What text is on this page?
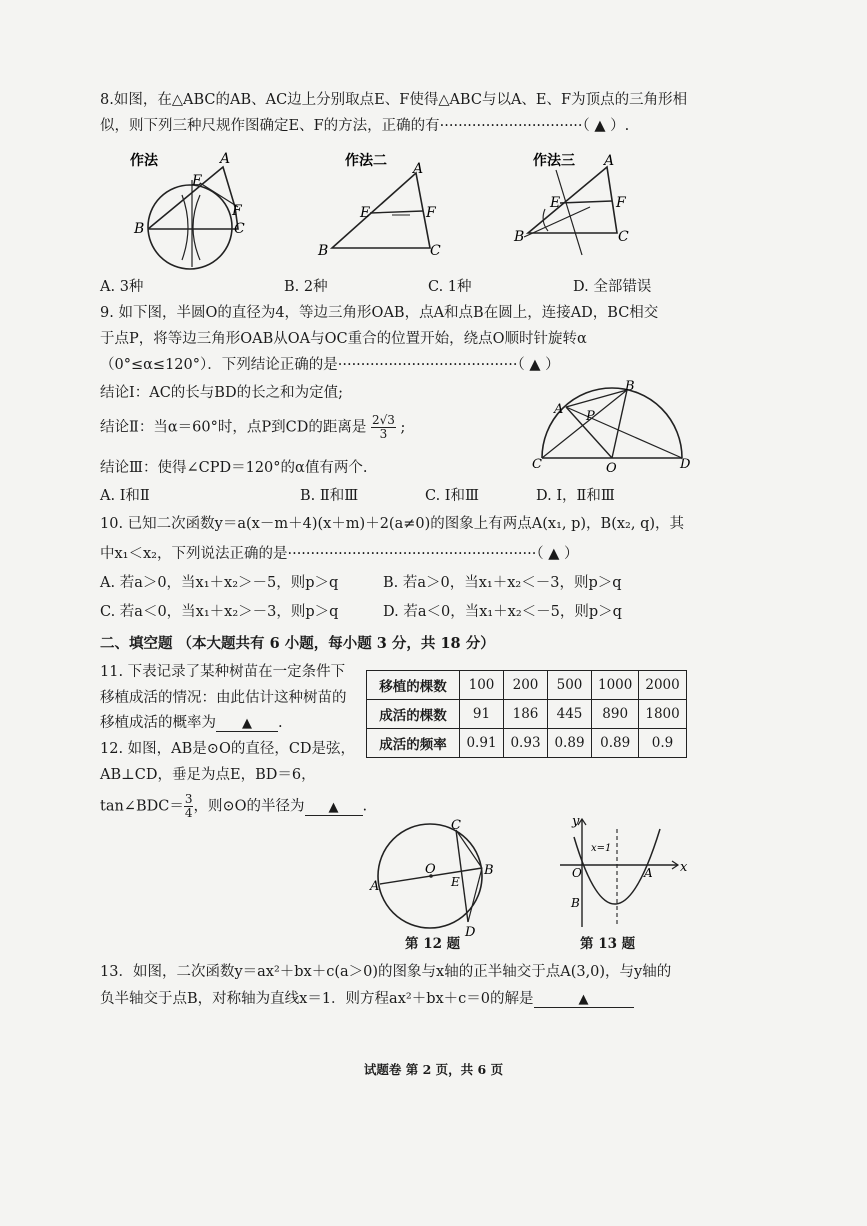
8.如图，在△ABC的AB、AC边上分别取点E、F使得△ABC与以A、E、F为顶点的三角形相
似，则下列三种尺规作图确定E、F的方法，正确的有·······························（ ▲ ）.
作法	A
E
F
B	C
作法二 A
E	F
B	C
作法三 A
E	F
B	C
A. 3种	B. 2种	C. 1种	D. 全部错误
9. 如下图，半圆O的直径为4，等边三角形OAB，点A和点B在圆上，连接AD，BC相交
于点P，将等边三角形OAB从OA与OC重合的位置开始，绕点O顺时针旋转α
（0°≤α≤120°）．下列结论正确的是·······································（ ▲ ）
结论Ⅰ：AC的长与BD的长之和为定值;
结论Ⅱ：当α＝60°时，点P到CD的距离是 $\frac{2√3}{3}$ ;
结论Ⅲ：使得∠CPD＝120°的α值有两个.
A
B
P
C	O	D
A. Ⅰ和Ⅱ	B. Ⅱ和Ⅲ	C. Ⅰ和Ⅲ	D. Ⅰ，Ⅱ和Ⅲ
10. 已知二次函数y＝a(x－m＋4)(x＋m)＋2(a≠0)的图象上有两点A(x₁, p)，B(x₂, q)，其
中x₁＜x₂，下列说法正确的是······················································（ ▲ ）
A. 若a＞0，当x₁＋x₂＞－5，则p＞q	B. 若a＞0，当x₁＋x₂＜－3，则p＞q
C. 若a＜0，当x₁＋x₂＞－3，则p＞q	D. 若a＜0，当x₁＋x₂＜－5，则p＞q
二、填空题 （本大题共有 6 小题，每小题 3 分，共 18 分）
11. 下表记录了某种树苗在一定条件下
移植成活的情况：由此估计这种树苗的
移植成活的概率为 ▲ .
移植的棵数	100	200	500	1000	2000
成活的棵数	91	186	445	890	1800
成活的频率	0.91	0.93	0.89	0.89	0.9
12. 如图，AB是⊙O的直径，CD是弦，
AB⊥CD，垂足为点E，BD＝6，
tan∠BDC＝ $\frac{3}{4}$ ，则⊙O的半径为 ▲ .
A
B
C
D
E
O
第 12 题
y
x
O	A
B
x=1
第 13 题
13．如图，二次函数y＝ax²＋bx＋c(a＞0)的图象与x轴的正半轴交于点A(3,0)，与y轴的
负半轴交于点B，对称轴为直线x＝1．则方程ax²＋bx＋c＝0的解是	▲
试题卷 第 2 页，共 6 页
